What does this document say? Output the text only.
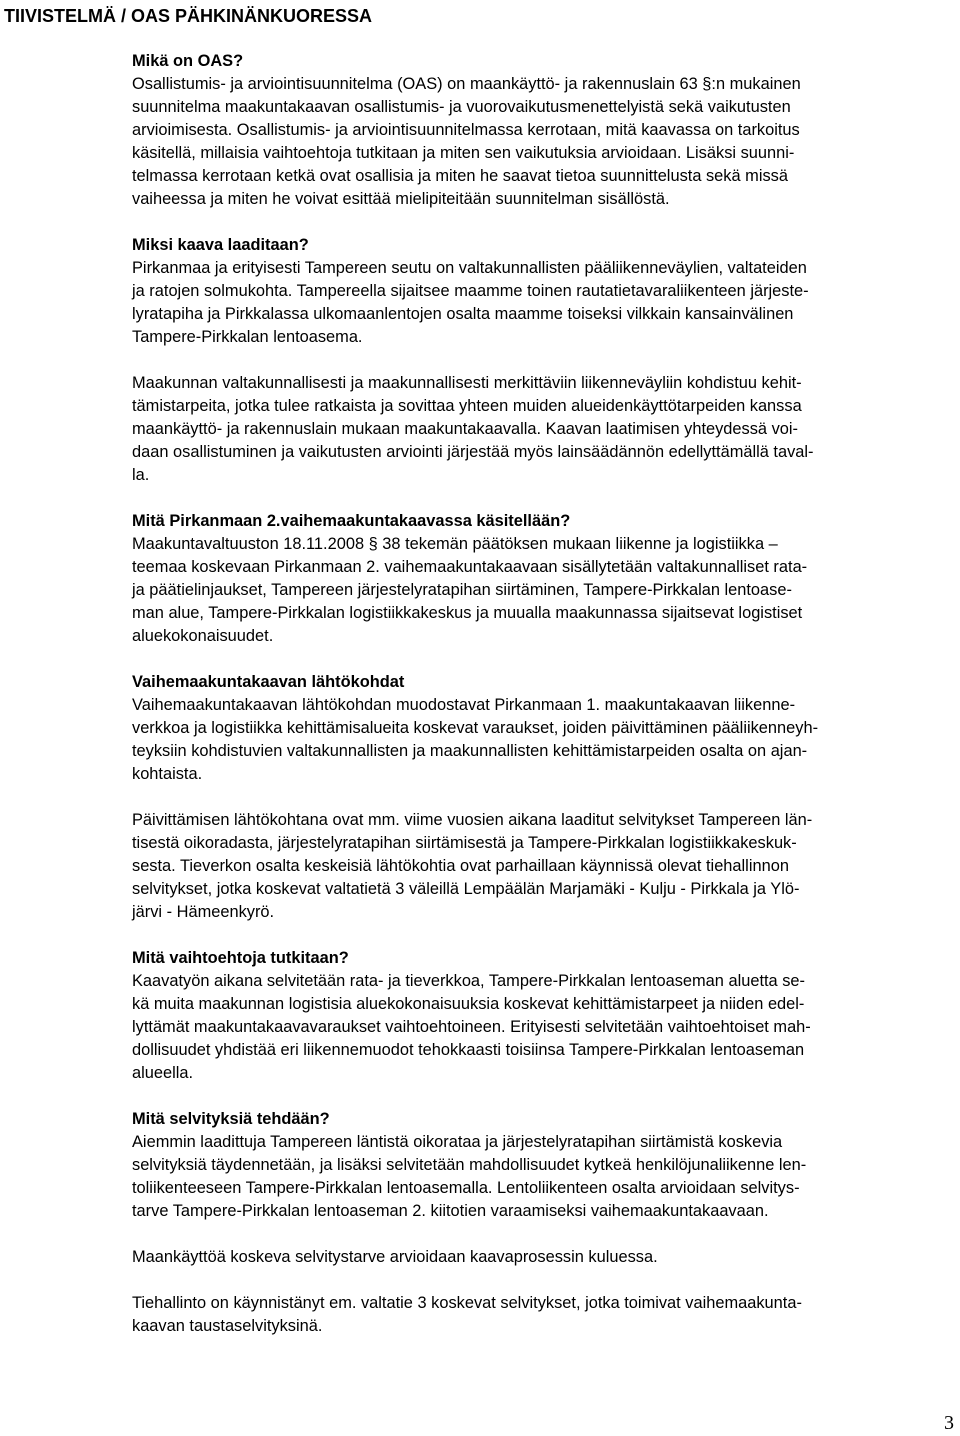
TIIVISTELMÄ / OAS PÄHKINÄNKUORESSA
Mikä on OAS?
Osallistumis- ja arviointisuunnitelma (OAS) on maankäyttö- ja rakennuslain 63 §:n mukainen
suunnitelma maakuntakaavan osallistumis- ja vuorovaikutusmenettelyistä sekä vaikutusten
arvioimisesta. Osallistumis- ja arviointisuunnitelmassa kerrotaan, mitä kaavassa on tarkoitus
käsitellä, millaisia vaihtoehtoja tutkitaan ja miten sen vaikutuksia arvioidaan. Lisäksi suunni-
telmassa kerrotaan ketkä ovat osallisia ja miten he saavat tietoa suunnittelusta sekä missä
vaiheessa ja miten he voivat esittää mielipiteitään suunnitelman sisällöstä.
Miksi kaava laaditaan?
Pirkanmaa ja erityisesti Tampereen seutu on valtakunnallisten pääliikenneväylien, valtateiden
ja ratojen solmukohta. Tampereella sijaitsee maamme toinen rautatietavaraliikenteen järjeste-
lyratapiha ja Pirkkalassa ulkomaanlentojen osalta maamme toiseksi vilkkain kansainvälinen
Tampere-Pirkkalan lentoasema.
Maakunnan valtakunnallisesti ja maakunnallisesti merkittäviin liikenneväyliin kohdistuu kehit-
tämistarpeita, jotka tulee ratkaista ja sovittaa yhteen muiden alueidenkäyttötarpeiden kanssa
maankäyttö- ja rakennuslain mukaan maakuntakaavalla. Kaavan laatimisen yhteydessä voi-
daan osallistuminen ja vaikutusten arviointi järjestää myös lainsäädännön edellyttämällä taval-
la.
Mitä Pirkanmaan 2.vaihemaakuntakaavassa käsitellään?
Maakuntavaltuuston 18.11.2008 § 38 tekemän päätöksen mukaan liikenne ja logistiikka –
teemaa koskevaan Pirkanmaan 2. vaihemaakuntakaavaan sisällytetään valtakunnalliset rata-
ja päätielinjaukset, Tampereen järjestelyratapihan siirtäminen, Tampere-Pirkkalan lentoase-
man alue, Tampere-Pirkkalan logistiikkakeskus ja muualla maakunnassa sijaitsevat logistiset
aluekokonaisuudet.
Vaihemaakuntakaavan lähtökohdat
Vaihemaakuntakaavan lähtökohdan muodostavat Pirkanmaan 1. maakuntakaavan liikenne-
verkkoa ja logistiikka kehittämisalueita koskevat varaukset, joiden päivittäminen pääliikenneyh-
teyksiin kohdistuvien valtakunnallisten ja maakunnallisten kehittämistarpeiden osalta on ajan-
kohtaista.
Päivittämisen lähtökohtana ovat mm. viime vuosien aikana laaditut selvitykset Tampereen län-
tisestä oikoradasta, järjestelyratapihan siirtämisestä ja Tampere-Pirkkalan logistiikkakeskuk-
sesta. Tieverkon osalta keskeisiä lähtökohtia ovat parhaillaan käynnissä olevat tiehallinnon
selvitykset, jotka koskevat valtatietä 3 väleillä Lempäälän Marjamäki - Kulju - Pirkkala ja Ylö-
järvi - Hämeenkyrö.
Mitä vaihtoehtoja tutkitaan?
Kaavatyön aikana selvitetään rata- ja tieverkkoa, Tampere-Pirkkalan lentoaseman aluetta se-
kä muita maakunnan logistisia aluekokonaisuuksia koskevat kehittämistarpeet ja niiden edel-
lyttämät maakuntakaavavaraukset vaihtoehtoineen. Erityisesti selvitetään vaihtoehtoiset mah-
dollisuudet yhdistää eri liikennemuodot tehokkaasti toisiinsa Tampere-Pirkkalan lentoaseman
alueella.
Mitä selvityksiä tehdään?
Aiemmin laadittuja Tampereen läntistä oikorataa ja järjestelyratapihan siirtämistä koskevia
selvityksiä täydennetään, ja lisäksi selvitetään mahdollisuudet kytkeä henkilöjunaliikenne len-
toliikenteeseen Tampere-Pirkkalan lentoasemalla. Lentoliikenteen osalta arvioidaan selvitys-
tarve Tampere-Pirkkalan lentoaseman 2. kiitotien varaamiseksi vaihemaakuntakaavaan.
Maankäyttöä koskeva selvitystarve arvioidaan kaavaprosessin kuluessa.
Tiehallinto on käynnistänyt em. valtatie 3 koskevat selvitykset, jotka toimivat vaihemaakunta-
kaavan taustaselvityksinä.
3
